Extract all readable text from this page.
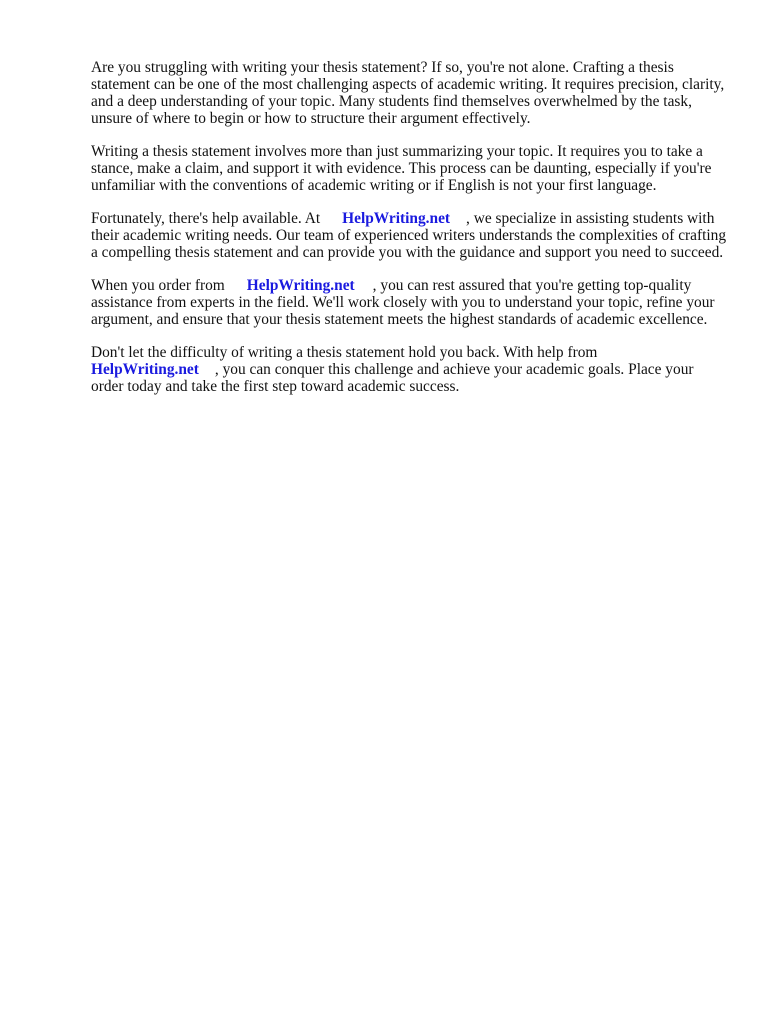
Are you struggling with writing your thesis statement? If so, you're not alone. Crafting a thesis statement can be one of the most challenging aspects of academic writing. It requires precision, clarity, and a deep understanding of your topic. Many students find themselves overwhelmed by the task, unsure of where to begin or how to structure their argument effectively.

Writing a thesis statement involves more than just summarizing your topic. It requires you to take a stance, make a claim, and support it with evidence. This process can be daunting, especially if you're unfamiliar with the conventions of academic writing or if English is not your first language.

Fortunately, there's help available. At HelpWriting.net , we specialize in assisting students with their academic writing needs. Our team of experienced writers understands the complexities of crafting a compelling thesis statement and can provide you with the guidance and support you need to succeed.

When you order from HelpWriting.net , you can rest assured that you're getting top-quality assistance from experts in the field. We'll work closely with you to understand your topic, refine your argument, and ensure that your thesis statement meets the highest standards of academic excellence.

Don't let the difficulty of writing a thesis statement hold you back. With help from HelpWriting.net , you can conquer this challenge and achieve your academic goals. Place your order today and take the first step toward academic success.
